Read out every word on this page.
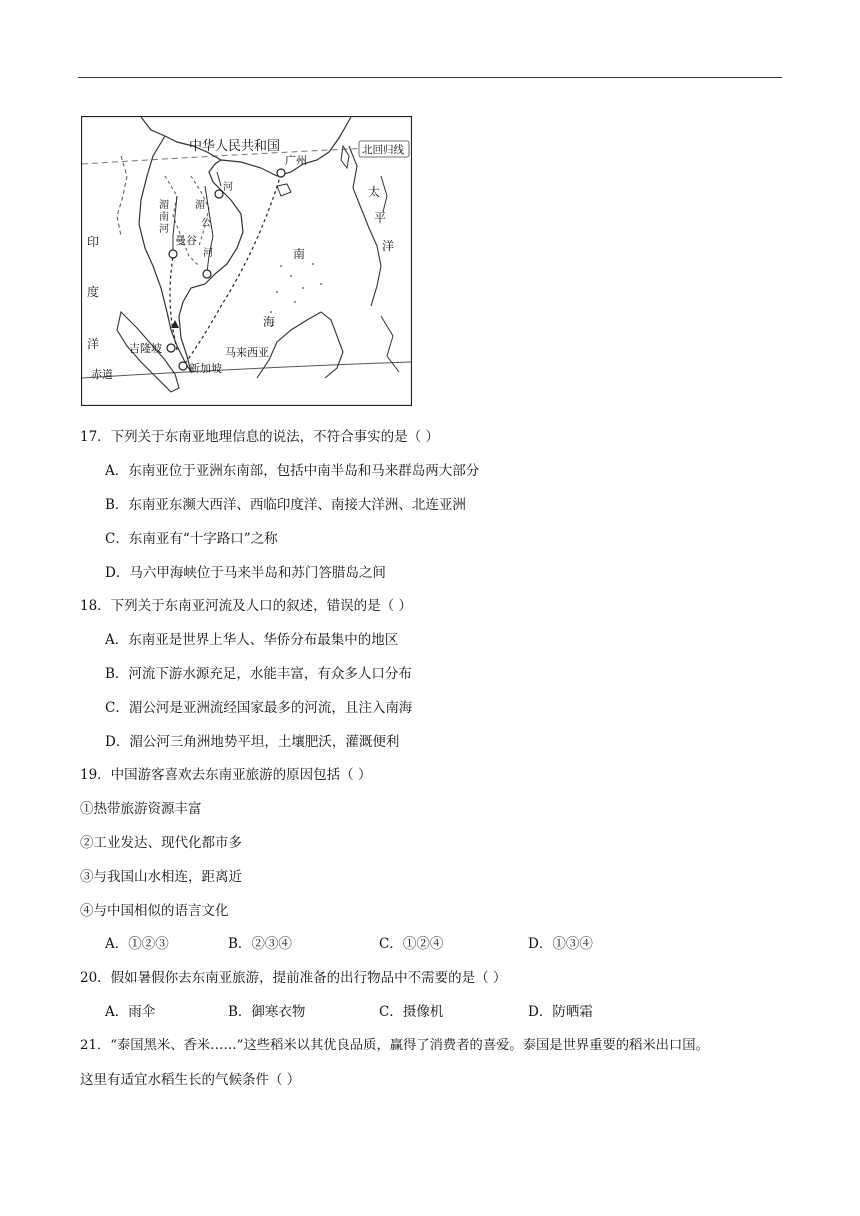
中华人民共和国
广州
北回归线
太
平
洋
印
度
洋
南
海
曼谷
吉隆坡
新加坡
马来西亚
赤道
湄
南
河
湄
公
河
河
17．下列关于东南亚地理信息的说法，不符合事实的是（ ）
A．东南亚位于亚洲东南部，包括中南半岛和马来群岛两大部分
B．东南亚东濒大西洋、西临印度洋、南接大洋洲、北连亚洲
C．东南亚有“十字路口”之称
D．马六甲海峡位于马来半岛和苏门答腊岛之间
18．下列关于东南亚河流及人口的叙述，错误的是（ ）
A．东南亚是世界上华人、华侨分布最集中的地区
B．河流下游水源充足，水能丰富，有众多人口分布
C．湄公河是亚洲流经国家最多的河流，且注入南海
D．湄公河三角洲地势平坦，土壤肥沃，灌溉便利
19．中国游客喜欢去东南亚旅游的原因包括（ ）
①热带旅游资源丰富
②工业发达、现代化都市多
③与我国山水相连，距离近
④与中国相似的语言文化
A．①②③	B．②③④	C．①②④	D．①③④
20．假如暑假你去东南亚旅游，提前准备的出行物品中不需要的是（ ）
A．雨伞	B．御寒衣物	C．摄像机	D．防晒霜
21．“泰国黑米、香米……”这些稻米以其优良品质，赢得了消费者的喜爱。泰国是世界重要的稻米出口国。
这里有适宜水稻生长的气候条件（ ）
